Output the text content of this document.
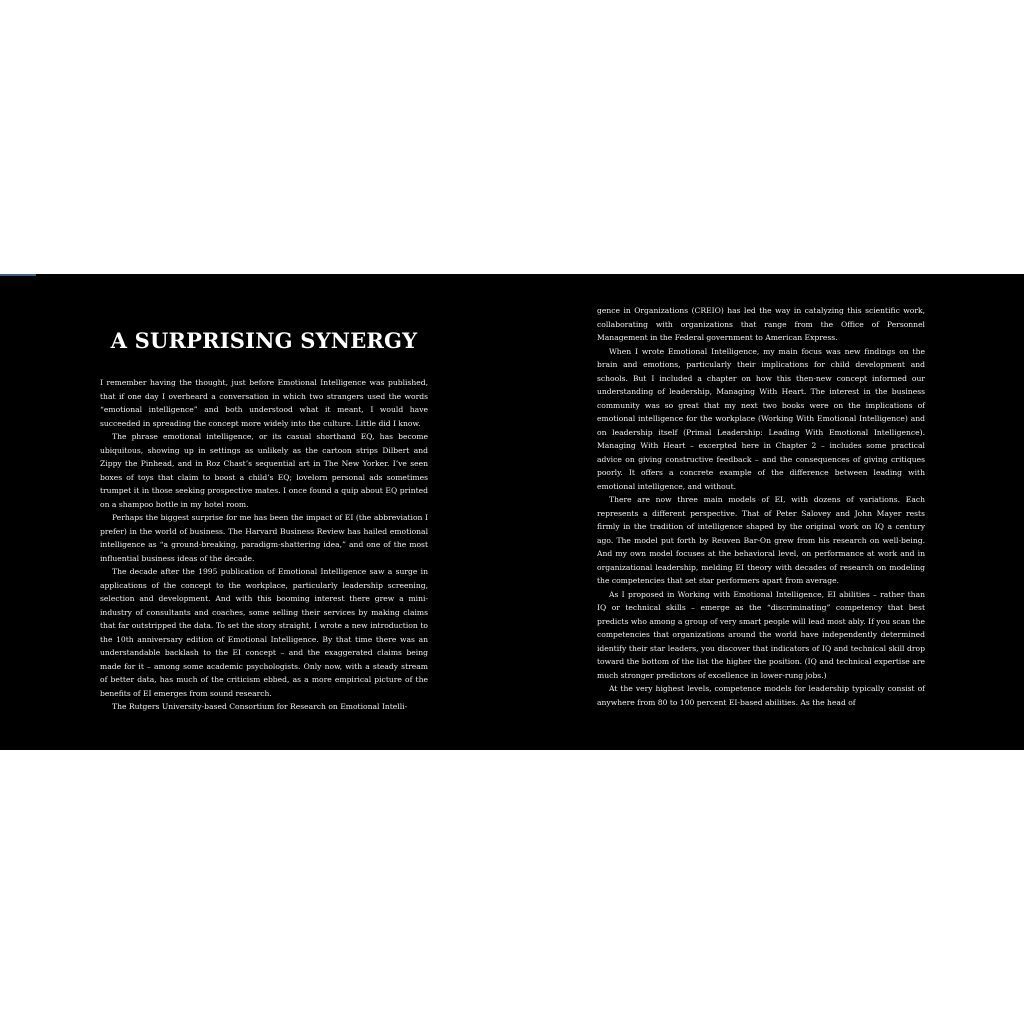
A SURPRISING SYNERGY

I remember having the thought, just before Emotional Intelligence was published, that if one day I overheard a conversation in which two strangers used the words “emotional intelligence” and both understood what it meant, I would have succeeded in spreading the concept more widely into the culture. Little did I know.

The phrase emotional intelligence, or its casual shorthand EQ, has become ubiquitous, showing up in settings as unlikely as the cartoon strips Dilbert and Zippy the Pinhead, and in Roz Chast’s sequential art in The New Yorker. I’ve seen boxes of toys that claim to boost a child’s EQ; lovelorn personal ads sometimes trumpet it in those seeking prospective mates. I once found a quip about EQ printed on a shampoo bottle in my hotel room.

Perhaps the biggest surprise for me has been the impact of EI (the abbreviation I prefer) in the world of business. The Harvard Business Review has hailed emotional intelligence as “a ground-breaking, paradigm-shattering idea,” and one of the most influential business ideas of the decade.

The decade after the 1995 publication of Emotional Intelligence saw a surge in applications of the concept to the workplace, particularly leadership screening, selection and development. And with this booming interest there grew a mini-industry of consultants and coaches, some selling their services by making claims that far outstripped the data. To set the story straight, I wrote a new introduction to the 10th anniversary edition of Emotional Intelligence. By that time there was an understandable backlash to the EI concept – and the exaggerated claims being made for it – among some academic psychologists. Only now, with a steady stream of better data, has much of the criticism ebbed, as a more empirical picture of the benefits of EI emerges from sound research.

The Rutgers University-based Consortium for Research on Emotional Intelli-

gence in Organizations (CREIO) has led the way in catalyzing this scientific work, collaborating with organizations that range from the Office of Personnel Management in the Federal government to American Express.

When I wrote Emotional Intelligence, my main focus was new findings on the brain and emotions, particularly their implications for child development and schools. But I included a chapter on how this then-new concept informed our understanding of leadership, Managing With Heart. The interest in the business community was so great that my next two books were on the implications of emotional intelligence for the workplace (Working With Emotional Intelligence) and on leadership itself (Primal Leadership: Leading With Emotional Intelligence). Managing With Heart – excerpted here in Chapter 2 – includes some practical advice on giving constructive feedback – and the consequences of giving critiques poorly. It offers a concrete example of the difference between leading with emotional intelligence, and without.

There are now three main models of EI, with dozens of variations. Each represents a different perspective. That of Peter Salovey and John Mayer rests firmly in the tradition of intelligence shaped by the original work on IQ a century ago. The model put forth by Reuven Bar-On grew from his research on well-being. And my own model focuses at the behavioral level, on performance at work and in organizational leadership, melding EI theory with decades of research on modeling the competencies that set star performers apart from average.

As I proposed in Working with Emotional Intelligence, EI abilities – rather than IQ or technical skills – emerge as the “discriminating” competency that best predicts who among a group of very smart people will lead most ably. If you scan the competencies that organizations around the world have independently determined identify their star leaders, you discover that indicators of IQ and technical skill drop toward the bottom of the list the higher the position. (IQ and technical expertise are much stronger predictors of excellence in lower-rung jobs.)

At the very highest levels, competence models for leadership typically consist of anywhere from 80 to 100 percent EI-based abilities. As the head of
